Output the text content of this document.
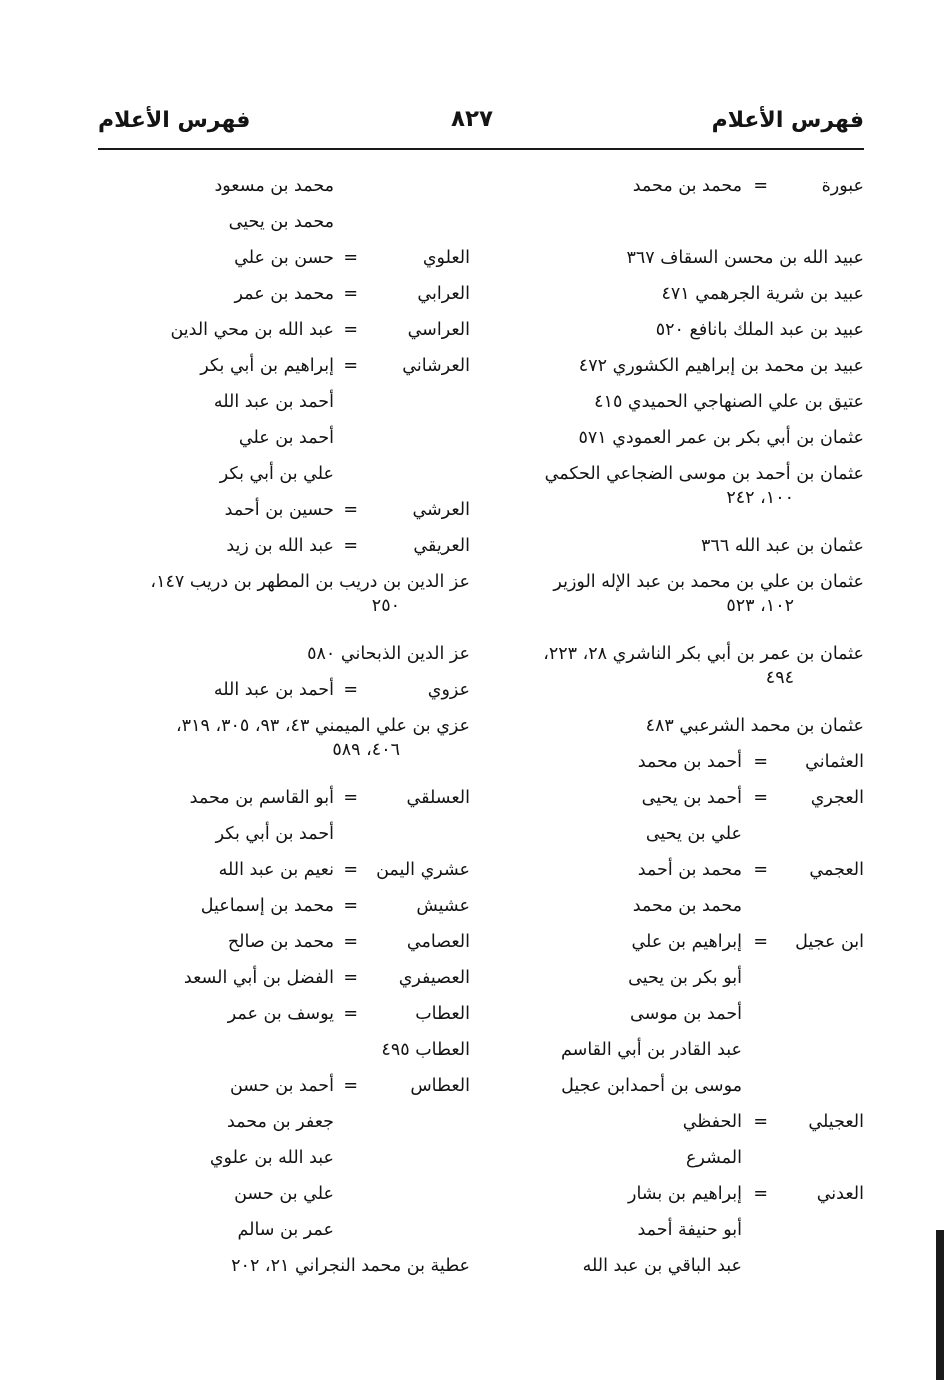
فهرس الأعلام
٨٢٧
فهرس الأعلام
عبورة
=
محمد بن محمد
عبيد الله بن محسن السقاف ٣٦٧
عبيد بن شرية الجرهمي ٤٧١
عبيد بن عبد الملك بانافع ٥٢٠
عبيد بن محمد بن إبراهيم الكشوري ٤٧٢
عتيق بن علي الصنهاجي الحميدي ٤١٥
عثمان بن أبي بكر بن عمر العمودي ٥٧١
عثمان بن أحمد بن موسى الضجاعي الحكمي
١٠٠، ٢٤٢
عثمان بن عبد الله ٣٦٦
عثمان بن علي بن محمد بن عبد الإله الوزير
١٠٢، ٥٢٣
عثمان بن عمر بن أبي بكر الناشري ٢٨، ٢٢٣،
٤٩٤
عثمان بن محمد الشرعبي ٤٨٣
العثماني
=
أحمد بن محمد
العجري
=
أحمد بن يحيى
علي بن يحيى
العجمي
=
محمد بن أحمد
محمد بن محمد
ابن عجيل
=
إبراهيم بن علي
أبو بكر بن يحيى
أحمد بن موسى
عبد القادر بن أبي القاسم
موسى بن أحمدابن عجيل
العجيلي
=
الحفظي
المشرع
العدني
=
إبراهيم بن بشار
أبو حنيفة أحمد
عبد الباقي بن عبد الله
محمد بن مسعود
محمد بن يحيى
العلوي
=
حسن بن علي
العرابي
=
محمد بن عمر
العراسي
=
عبد الله بن محي الدين
العرشاني
=
إبراهيم بن أبي بكر
أحمد بن عبد الله
أحمد بن علي
علي بن أبي بكر
العرشي
=
حسين بن أحمد
العريقي
=
عبد الله بن زيد
عز الدين بن دريب بن المطهر بن دريب ١٤٧،
٢٥٠
عز الدين الذبحاني ٥٨٠
عزوي
=
أحمد بن عبد الله
عزي بن علي الميمني ٤٣، ٩٣، ٣٠٥، ٣١٩،
٤٠٦، ٥٨٩
العسلقي
=
أبو القاسم بن محمد
أحمد بن أبي بكر
عشري اليمن
=
نعيم بن عبد الله
عشيش
=
محمد بن إسماعيل
العصامي
=
محمد بن صالح
العصيفري
=
الفضل بن أبي السعد
العطاب
=
يوسف بن عمر
العطاب ٤٩٥
العطاس
=
أحمد بن حسن
جعفر بن محمد
عبد الله بن علوي
علي بن حسن
عمر بن سالم
عطية بن محمد النجراني ٢١، ٢٠٢
